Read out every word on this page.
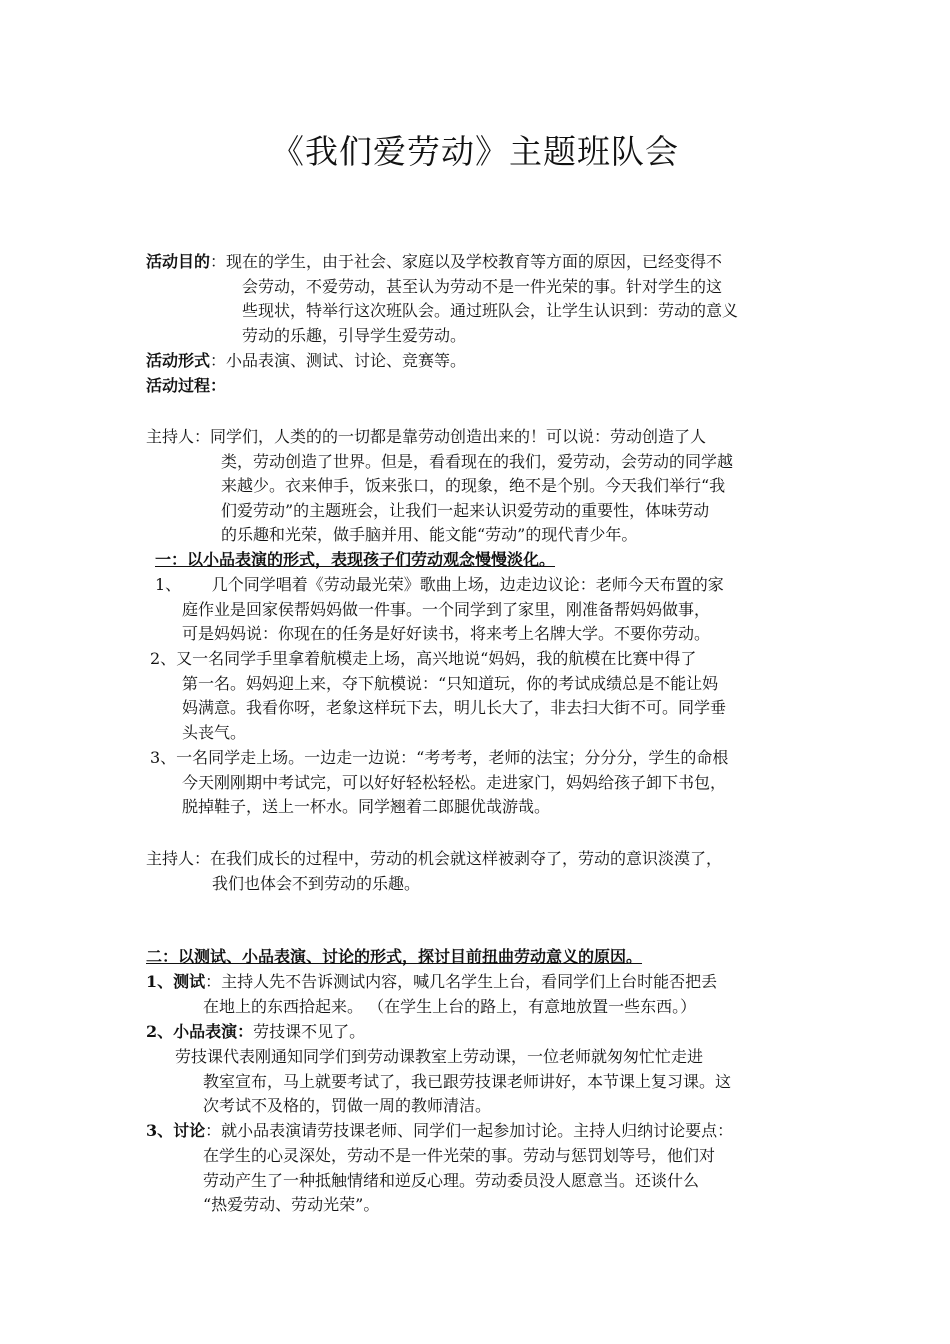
《我们爱劳动》主题班队会
活动目的：现在的学生，由于社会、家庭以及学校教育等方面的原因，已经变得不
会劳动，不爱劳动，甚至认为劳动不是一件光荣的事。针对学生的这
些现状，特举行这次班队会。通过班队会，让学生认识到：劳动的意义
劳动的乐趣，引导学生爱劳动。
活动形式：小品表演、测试、讨论、竞赛等。
活动过程：
主持人：同学们，人类的的一切都是靠劳动创造出来的！可以说：劳动创造了人
类，劳动创造了世界。但是，看看现在的我们，爱劳动，会劳动的同学越
来越少。衣来伸手，饭来张口，的现象，绝不是个别。今天我们举行“我
们爱劳动”的主题班会，让我们一起来认识爱劳动的重要性，体味劳动
的乐趣和光荣，做手脑并用、能文能“劳动”的现代青少年。
一：以小品表演的形式，表现孩子们劳动观念慢慢淡化。
1、      几个同学唱着《劳动最光荣》歌曲上场，边走边议论：老师今天布置的家
庭作业是回家侯帮妈妈做一件事。一个同学到了家里，刚准备帮妈妈做事，
可是妈妈说：你现在的任务是好好读书，将来考上名牌大学。不要你劳动。
2、又一名同学手里拿着航模走上场，高兴地说“妈妈，我的航模在比赛中得了
第一名。妈妈迎上来，夺下航模说：“只知道玩，你的考试成绩总是不能让妈
妈满意。我看你呀，老象这样玩下去，明儿长大了，非去扫大街不可。同学垂
头丧气。
3、一名同学走上场。一边走一边说：“考考考，老师的法宝；分分分，学生的命根
今天刚刚期中考试完，可以好好轻松轻松。走进家门，妈妈给孩子卸下书包，
脱掉鞋子，送上一杯水。同学翘着二郎腿优哉游哉。
主持人：在我们成长的过程中，劳动的机会就这样被剥夺了，劳动的意识淡漠了，
我们也体会不到劳动的乐趣。
二：以测试、小品表演、讨论的形式，探讨目前扭曲劳动意义的原因。
1、测试：主持人先不告诉测试内容，喊几名学生上台，看同学们上台时能否把丢
在地上的东西拾起来。 （在学生上台的路上，有意地放置一些东西。）
2、小品表演：劳技课不见了。
劳技课代表刚通知同学们到劳动课教室上劳动课，一位老师就匆匆忙忙走进
教室宣布，马上就要考试了，我已跟劳技课老师讲好，本节课上复习课。这
次考试不及格的，罚做一周的教师清洁。
3、讨论：就小品表演请劳技课老师、同学们一起参加讨论。主持人归纳讨论要点：
在学生的心灵深处，劳动不是一件光荣的事。劳动与惩罚划等号，他们对
劳动产生了一种抵触情绪和逆反心理。劳动委员没人愿意当。还谈什么
“热爱劳动、劳动光荣”。
